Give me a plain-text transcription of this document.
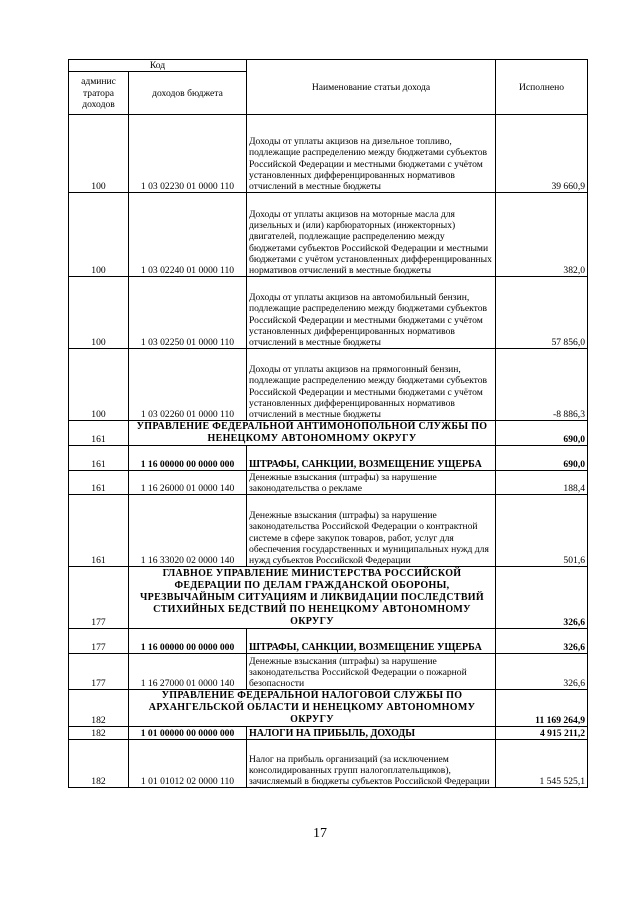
Код		Наименование статьи дохода	Исполнено
админис тратора доходов	доходов бюджета		
100	1 03 02230 01 0000 110	Доходы от уплаты акцизов на дизельное топливо, подлежащие распределению между бюджетами субъектов Российской Федерации и местными бюджетами с учётом установленных дифференцированных нормативов отчислений в местные бюджеты	39 660,9
100	1 03 02240 01 0000 110	Доходы от уплаты акцизов на моторные масла для дизельных и (или) карбюраторных (инжекторных) двигателей, подлежащие распределению между бюджетами субъектов Российской Федерации и местными бюджетами с учётом установленных дифференцированных нормативов отчислений в местные бюджеты	382,0
100	1 03 02250 01 0000 110	Доходы от уплаты акцизов на автомобильный бензин, подлежащие распределению между бюджетами субъектов Российской Федерации и местными бюджетами с учётом установленных дифференцированных нормативов отчислений в местные бюджеты	57 856,0
100	1 03 02260 01 0000 110	Доходы от уплаты акцизов на прямогонный бензин, подлежащие распределению между бюджетами субъектов Российской Федерации и местными бюджетами с учётом установленных дифференцированных нормативов отчислений в местные бюджеты	-8 886,3
161	УПРАВЛЕНИЕ ФЕДЕРАЛЬНОЙ АНТИМОНОПОЛЬНОЙ СЛУЖБЫ ПО НЕНЕЦКОМУ АВТОНОМНОМУ ОКРУГУ		690,0
161	1 16 00000 00 0000 000	ШТРАФЫ, САНКЦИИ, ВОЗМЕЩЕНИЕ УЩЕРБА	690,0
161	1 16 26000 01 0000 140	Денежные взыскания (штрафы) за нарушение законодательства о рекламе	188,4
161	1 16 33020 02 0000 140	Денежные взыскания (штрафы) за нарушение законодательства Российской Федерации о контрактной системе в сфере закупок товаров, работ, услуг для обеспечения государственных и муниципальных нужд для нужд субъектов Российской Федерации	501,6
177	ГЛАВНОЕ УПРАВЛЕНИЕ МИНИСТЕРСТВА РОССИЙСКОЙ ФЕДЕРАЦИИ ПО ДЕЛАМ ГРАЖДАНСКОЙ ОБОРОНЫ, ЧРЕЗВЫЧАЙНЫМ СИТУАЦИЯМ И ЛИКВИДАЦИИ ПОСЛЕДСТВИЙ СТИХИЙНЫХ БЕДСТВИЙ ПО НЕНЕЦКОМУ АВТОНОМНОМУ ОКРУГУ		326,6
177	1 16 00000 00 0000 000	ШТРАФЫ, САНКЦИИ, ВОЗМЕЩЕНИЕ УЩЕРБА	326,6
177	1 16 27000 01 0000 140	Денежные взыскания (штрафы) за нарушение законодательства Российской Федерации о пожарной безопасности	326,6
182	УПРАВЛЕНИЕ ФЕДЕРАЛЬНОЙ НАЛОГОВОЙ СЛУЖБЫ ПО АРХАНГЕЛЬСКОЙ ОБЛАСТИ И НЕНЕЦКОМУ АВТОНОМНОМУ ОКРУГУ		11 169 264,9
182	1 01 00000 00 0000 000	НАЛОГИ НА ПРИБЫЛЬ, ДОХОДЫ	4 915 211,2
182	1 01 01012 02 0000 110	Налог на прибыль организаций (за исключением консолидированных групп налогоплательщиков), зачисляемый в бюджеты субъектов Российской Федерации	1 545 525,1
17
